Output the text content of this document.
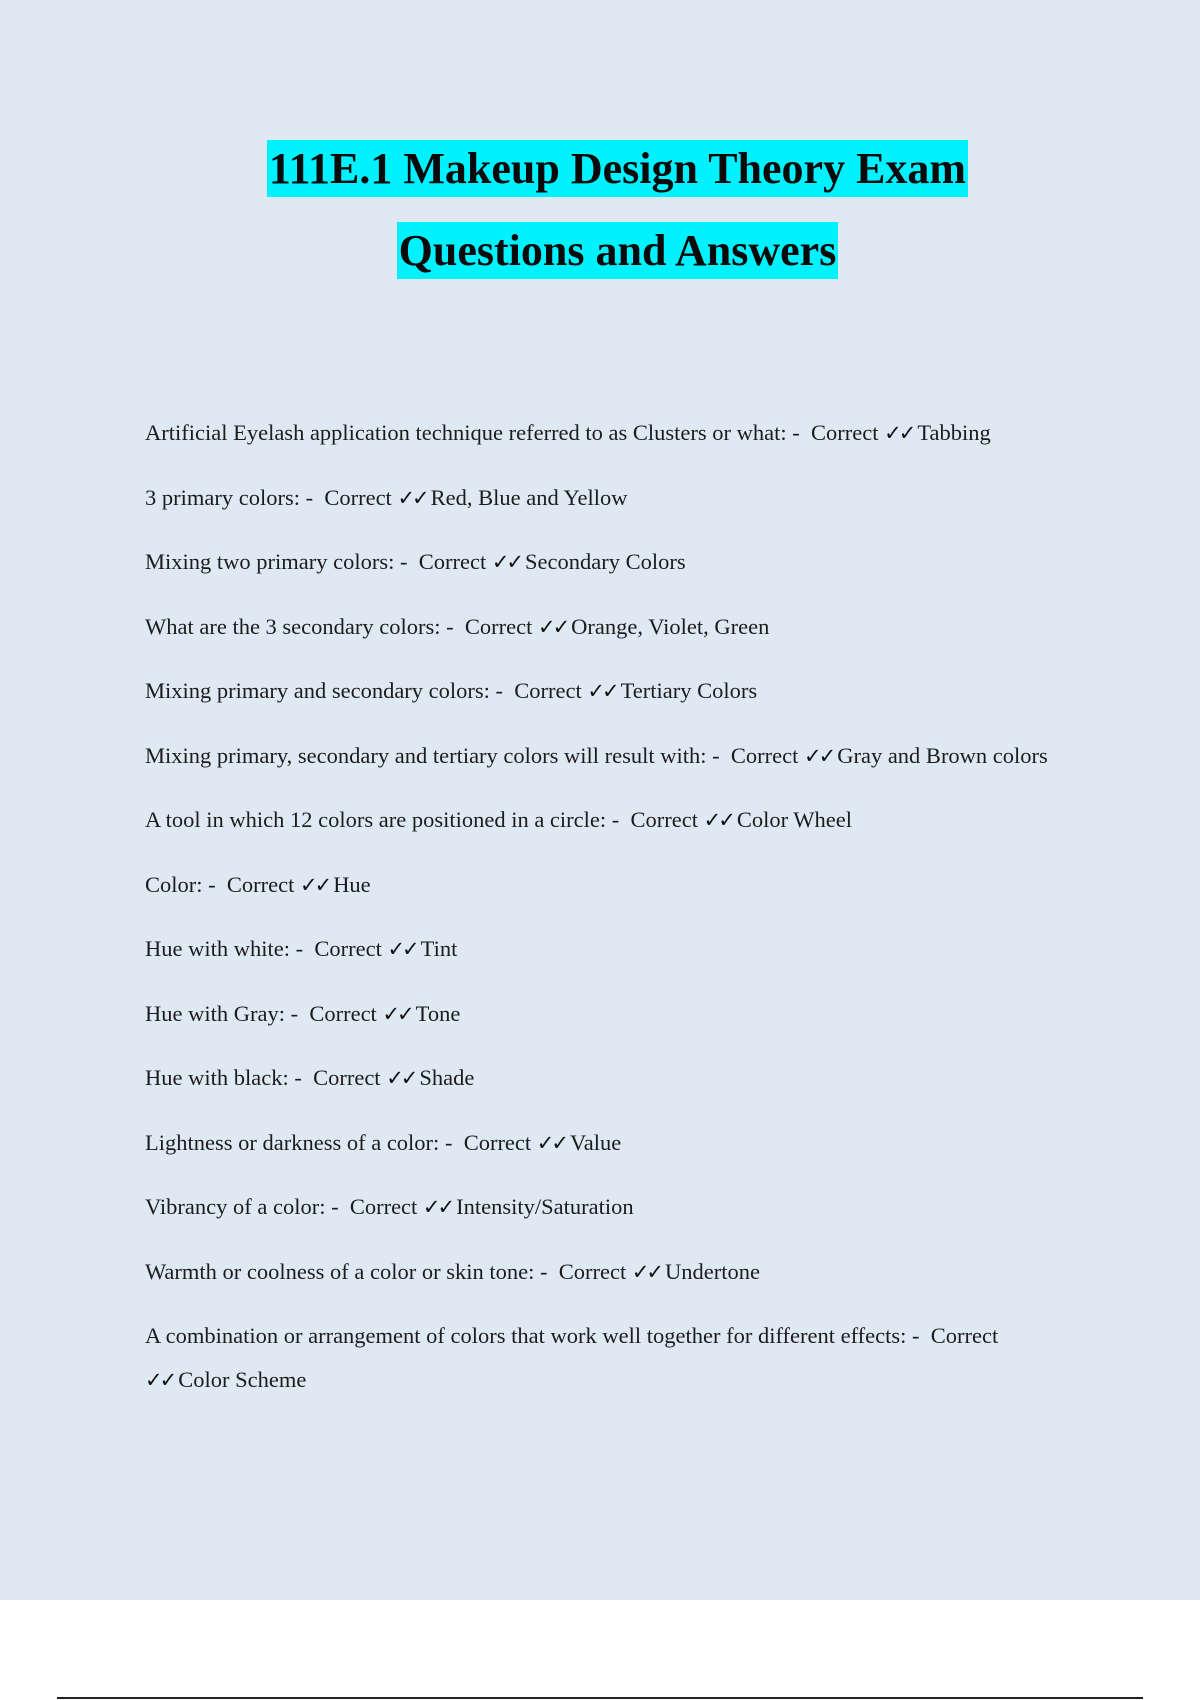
111E.1 Makeup Design Theory Exam
Questions and Answers
Artificial Eyelash application technique referred to as Clusters or what: -  Correct ✓✓ Tabbing
3 primary colors: -  Correct ✓✓ Red, Blue and Yellow
Mixing two primary colors: -  Correct ✓✓ Secondary Colors
What are the 3 secondary colors: -  Correct ✓✓ Orange, Violet, Green
Mixing primary and secondary colors: -  Correct ✓✓ Tertiary Colors
Mixing primary, secondary and tertiary colors will result with: -  Correct ✓✓ Gray and Brown colors
A tool in which 12 colors are positioned in a circle: -  Correct ✓✓ Color Wheel
Color: -  Correct ✓✓ Hue
Hue with white: -  Correct ✓✓ Tint
Hue with Gray: -  Correct ✓✓ Tone
Hue with black: -  Correct ✓✓ Shade
Lightness or darkness of a color: -  Correct ✓✓ Value
Vibrancy of a color: -  Correct ✓✓ Intensity/Saturation
Warmth or coolness of a color or skin tone: -  Correct ✓✓ Undertone
A combination or arrangement of colors that work well together for different effects: -  Correct ✓✓ Color Scheme
